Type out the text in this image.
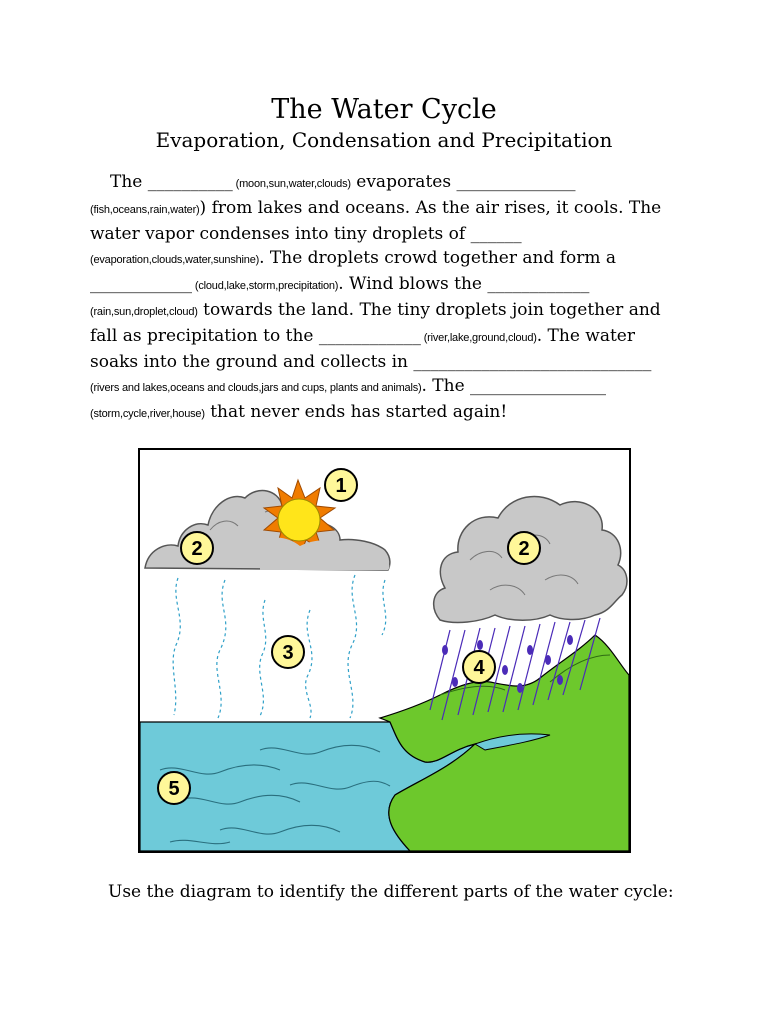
The Water Cycle
Evaporation, Condensation and Precipitation
The __________ (moon,sun,water,clouds) evaporates ______________ (fish,oceans,rain,water)) from lakes and oceans. As the air rises, it cools. The water vapor condenses into tiny droplets of ______ (evaporation,clouds,water,sunshine). The droplets crowd together and form a ____________ (cloud,lake,storm,precipitation). Wind blows the ____________ (rain,sun,droplet,cloud) towards the land. The tiny droplets join together and fall as precipitation to the ____________ (river,lake,ground,cloud). The water soaks into the ground and collects in ____________________________ (rivers and lakes,oceans and clouds,jars and cups, plants and animals). The ________________ (storm,cycle,river,house) that never ends has started again!
1
2	2
3
4
5
Use the diagram to identify the different parts of the water cycle:
